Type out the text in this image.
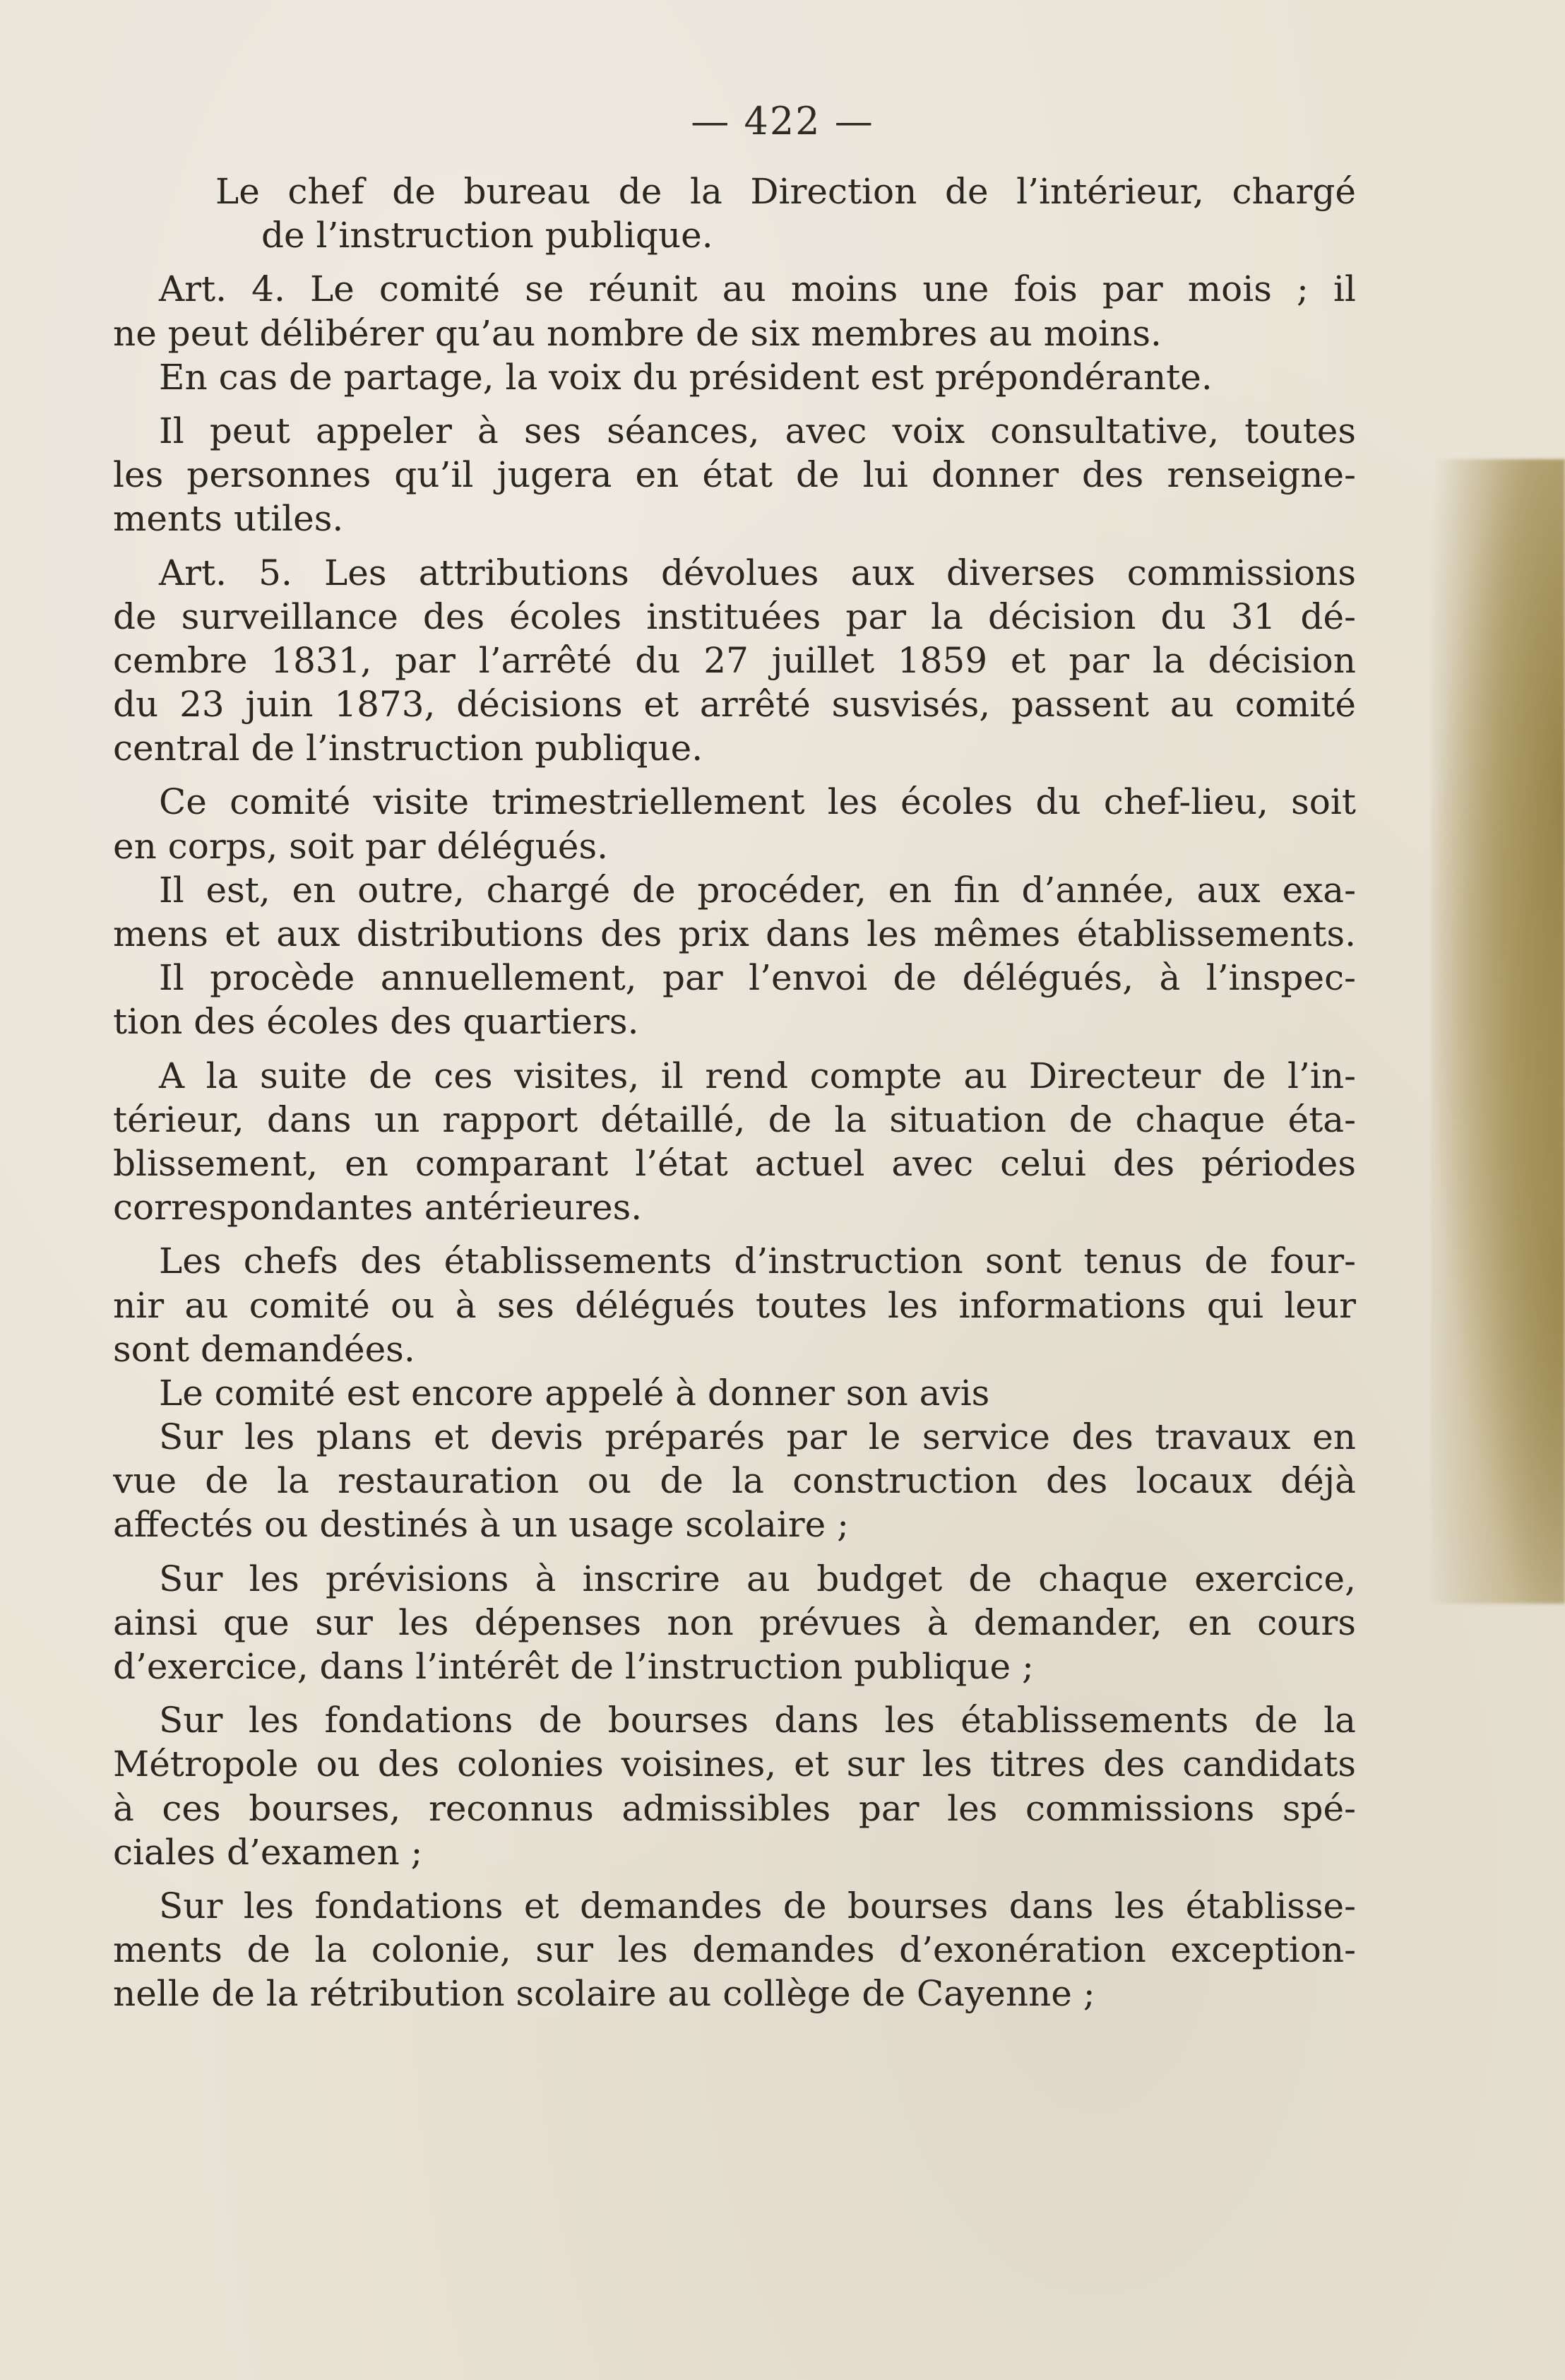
— 422 —
Le chef de bureau de la Direction de l’intérieur, chargé
de l’instruction publique.
Art. 4. Le comité se réunit au moins une fois par mois ; il
ne peut délibérer qu’au nombre de six membres au moins.
En cas de partage, la voix du président est prépondérante.
Il peut appeler à ses séances, avec voix consultative, toutes
les personnes qu’il jugera en état de lui donner des renseigne-
ments utiles.
Art. 5. Les attributions dévolues aux diverses commissions
de surveillance des écoles instituées par la décision du 31 dé-
cembre 1831, par l’arrêté du 27 juillet 1859 et par la décision
du 23 juin 1873, décisions et arrêté susvisés, passent au comité
central de l’instruction publique.
Ce comité visite trimestriellement les écoles du chef-lieu, soit
en corps, soit par délégués.
Il est, en outre, chargé de procéder, en fin d’année, aux exa-
mens et aux distributions des prix dans les mêmes établissements.
Il procède annuellement, par l’envoi de délégués, à l’inspec-
tion des écoles des quartiers.
A la suite de ces visites, il rend compte au Directeur de l’in-
térieur, dans un rapport détaillé, de la situation de chaque éta-
blissement, en comparant l’état actuel avec celui des périodes
correspondantes antérieures.
Les chefs des établissements d’instruction sont tenus de four-
nir au comité ou à ses délégués toutes les informations qui leur
sont demandées.
Le comité est encore appelé à donner son avis
Sur les plans et devis préparés par le service des travaux en
vue de la restauration ou de la construction des locaux déjà
affectés ou destinés à un usage scolaire ;
Sur les prévisions à inscrire au budget de chaque exercice,
ainsi que sur les dépenses non prévues à demander, en cours
d’exercice, dans l’intérêt de l’instruction publique ;
Sur les fondations de bourses dans les établissements de la
Métropole ou des colonies voisines, et sur les titres des candidats
à ces bourses, reconnus admissibles par les commissions spé-
ciales d’examen ;
Sur les fondations et demandes de bourses dans les établisse-
ments de la colonie, sur les demandes d’exonération exception-
nelle de la rétribution scolaire au collège de Cayenne ;
